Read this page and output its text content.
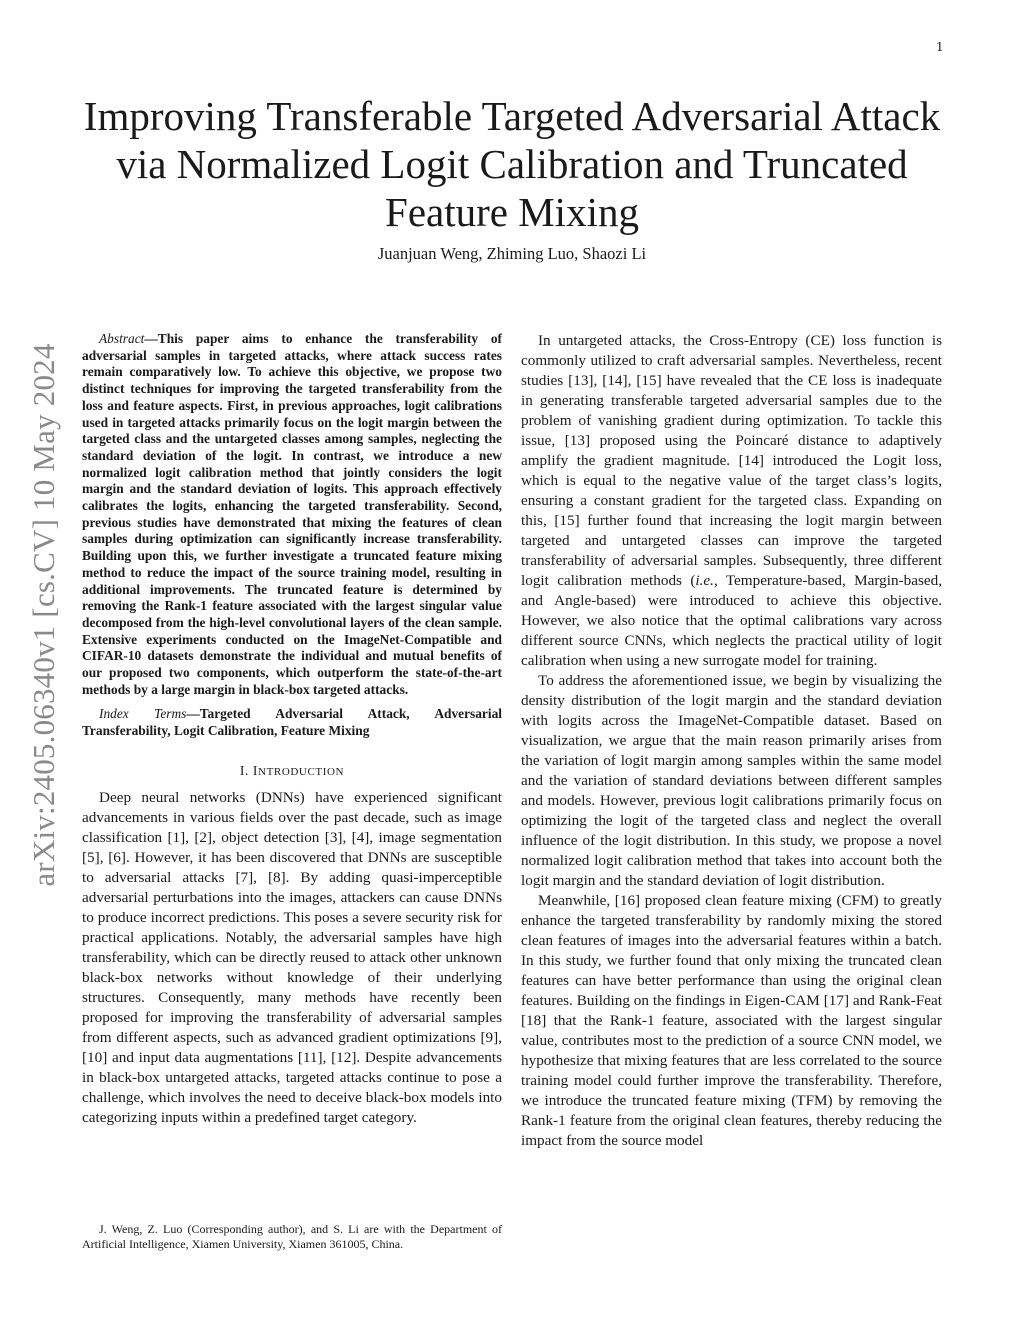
1
arXiv:2405.06340v1 [cs.CV] 10 May 2024
Improving Transferable Targeted Adversarial Attack via Normalized Logit Calibration and Truncated Feature Mixing
Juanjuan Weng, Zhiming Luo, Shaozi Li

Abstract—This paper aims to enhance the transferability of adversarial samples in targeted attacks, where attack success rates remain comparatively low. To achieve this objective, we propose two distinct techniques for improving the targeted transferability from the loss and feature aspects. First, in previous approaches, logit calibrations used in targeted attacks primarily focus on the logit margin between the targeted class and the untargeted classes among samples, neglecting the standard deviation of the logit. In contrast, we introduce a new normalized logit calibration method that jointly considers the logit margin and the standard deviation of logits. This approach effectively calibrates the logits, enhancing the targeted transferability. Second, previous studies have demonstrated that mixing the features of clean samples during optimization can significantly increase transferability. Building upon this, we further investigate a truncated feature mixing method to reduce the impact of the source training model, resulting in additional improvements. The truncated feature is determined by removing the Rank-1 feature associated with the largest singular value decomposed from the high-level convolutional layers of the clean sample. Extensive experiments conducted on the ImageNet-Compatible and CIFAR-10 datasets demonstrate the individual and mutual benefits of our proposed two components, which outperform the state-of-the-art methods by a large margin in black-box targeted attacks.

Index Terms—Targeted Adversarial Attack, Adversarial Transferability, Logit Calibration, Feature Mixing

I. INTRODUCTION

Deep neural networks (DNNs) have experienced significant advancements in various fields over the past decade, such as image classification [1], [2], object detection [3], [4], image segmentation [5], [6]. However, it has been discovered that DNNs are susceptible to adversarial attacks [7], [8]. By adding quasi-imperceptible adversarial perturbations into the images, attackers can cause DNNs to produce incorrect predictions. This poses a severe security risk for practical applications. Notably, the adversarial samples have high transferability, which can be directly reused to attack other unknown black-box networks without knowledge of their underlying structures. Consequently, many methods have recently been proposed for improving the transferability of adversarial samples from different aspects, such as advanced gradient optimizations [9], [10] and input data augmentations [11], [12]. Despite advancements in black-box untargeted attacks, targeted attacks continue to pose a challenge, which involves the need to deceive black-box models into categorizing inputs within a predefined target category.

J. Weng, Z. Luo (Corresponding author), and S. Li are with the Department of Artificial Intelligence, Xiamen University, Xiamen 361005, China.

In untargeted attacks, the Cross-Entropy (CE) loss function is commonly utilized to craft adversarial samples. Nevertheless, recent studies [13], [14], [15] have revealed that the CE loss is inadequate in generating transferable targeted adversarial samples due to the problem of vanishing gradient during optimization. To tackle this issue, [13] proposed using the Poincaré distance to adaptively amplify the gradient magnitude. [14] introduced the Logit loss, which is equal to the negative value of the target class’s logits, ensuring a constant gradient for the targeted class. Expanding on this, [15] further found that increasing the logit margin between targeted and untargeted classes can improve the targeted transferability of adversarial samples. Subsequently, three different logit calibration methods (i.e., Temperature-based, Margin-based, and Angle-based) were introduced to achieve this objective. However, we also notice that the optimal calibrations vary across different source CNNs, which neglects the practical utility of logit calibration when using a new surrogate model for training.

To address the aforementioned issue, we begin by visualizing the density distribution of the logit margin and the standard deviation with logits across the ImageNet-Compatible dataset. Based on visualization, we argue that the main reason primarily arises from the variation of logit margin among samples within the same model and the variation of standard deviations between different samples and models. However, previous logit calibrations primarily focus on optimizing the logit of the targeted class and neglect the overall influence of the logit distribution. In this study, we propose a novel normalized logit calibration method that takes into account both the logit margin and the standard deviation of logit distribution.

Meanwhile, [16] proposed clean feature mixing (CFM) to greatly enhance the targeted transferability by randomly mixing the stored clean features of images into the adversarial features within a batch. In this study, we further found that only mixing the truncated clean features can have better performance than using the original clean features. Building on the findings in Eigen-CAM [17] and Rank-Feat [18] that the Rank-1 feature, associated with the largest singular value, contributes most to the prediction of a source CNN model, we hypothesize that mixing features that are less correlated to the source training model could further improve the transferability. Therefore, we introduce the truncated feature mixing (TFM) by removing the Rank-1 feature from the original clean features, thereby reducing the impact from the source model
